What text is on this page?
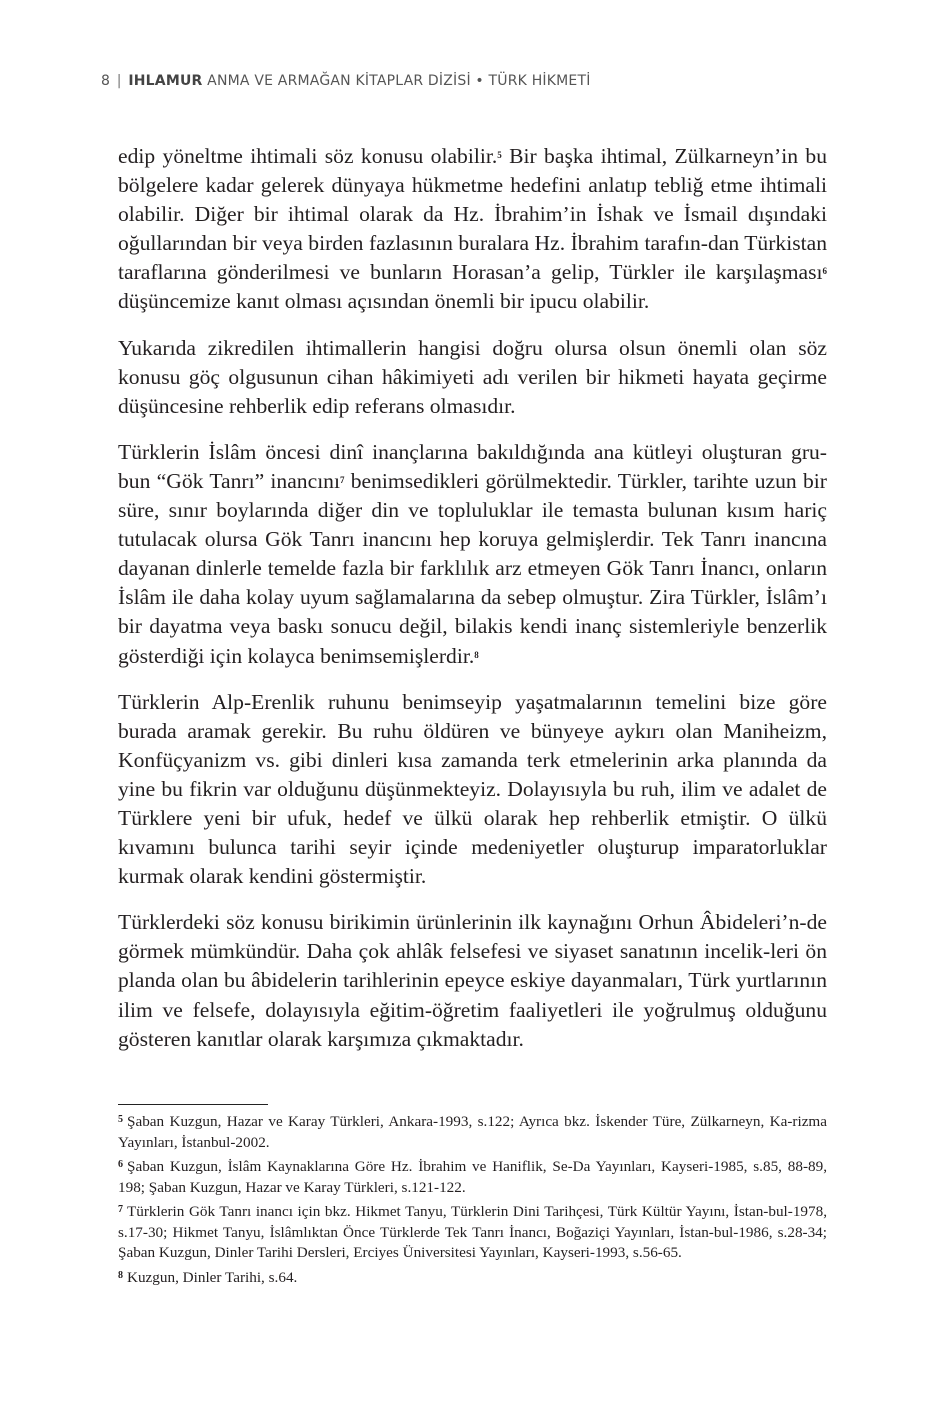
8 | IHLAMUR ANMA VE ARMAĞAN KİTAPLAR DİZİSİ • TÜRK HİKMETİ

edip yöneltme ihtimali söz konusu olabilir.$^5$ Bir başka ihtimal, Zülkarneyn’in bu bölgelere kadar gelerek dünyaya hükmetme hedefini anlatıp tebliğ etme ihtimali olabilir. Diğer bir ihtimal olarak da Hz. İbrahim’in İshak ve İsmail dışındaki oğullarından bir veya birden fazlasının buralara Hz. İbrahim tarafın-dan Türkistan taraflarına gönderilmesi ve bunların Horasan’a gelip, Türkler ile karşılaşması$^6$ düşüncemize kanıt olması açısından önemli bir ipucu olabilir.

Yukarıda zikredilen ihtimallerin hangisi doğru olursa olsun önemli olan söz konusu göç olgusunun cihan hâkimiyeti adı verilen bir hikmeti hayata geçirme düşüncesine rehberlik edip referans olmasıdır.

Türklerin İslâm öncesi dinî inançlarına bakıldığında ana kütleyi oluşturan gru-bun “Gök Tanrı” inancını$^7$ benimsedikleri görülmektedir. Türkler, tarihte uzun bir süre, sınır boylarında diğer din ve topluluklar ile temasta bulunan kısım hariç tutulacak olursa Gök Tanrı inancını hep koruya gelmişlerdir. Tek Tanrı inancına dayanan dinlerle temelde fazla bir farklılık arz etmeyen Gök Tanrı İnancı, onların İslâm ile daha kolay uyum sağlamalarına da sebep olmuştur. Zira Türkler, İslâm’ı bir dayatma veya baskı sonucu değil, bilakis kendi inanç sistemleriyle benzerlik gösterdiği için kolayca benimsemişlerdir.$^8$

Türklerin Alp-Erenlik ruhunu benimseyip yaşatmalarının temelini bize göre burada aramak gerekir. Bu ruhu öldüren ve bünyeye aykırı olan Maniheizm, Konfüçyanizm vs. gibi dinleri kısa zamanda terk etmelerinin arka planında da yine bu fikrin var olduğunu düşünmekteyiz. Dolayısıyla bu ruh, ilim ve adalet de Türklere yeni bir ufuk, hedef ve ülkü olarak hep rehberlik etmiştir. O ülkü kıvamını bulunca tarihi seyir içinde medeniyetler oluşturup imparatorluklar kurmak olarak kendini göstermiştir.

Türklerdeki söz konusu birikimin ürünlerinin ilk kaynağını Orhun Âbideleri’n-de görmek mümkündür. Daha çok ahlâk felsefesi ve siyaset sanatının incelik-leri ön planda olan bu âbidelerin tarihlerinin epeyce eskiye dayanmaları, Türk yurtlarının ilim ve felsefe, dolayısıyla eğitim-öğretim faaliyetleri ile yoğrulmuş olduğunu gösteren kanıtlar olarak karşımıza çıkmaktadır.

$^5$ Şaban Kuzgun, Hazar ve Karay Türkleri, Ankara-1993, s.122; Ayrıca bkz. İskender Türe, Zülkarneyn, Ka-rizma Yayınları, İstanbul-2002.
$^6$ Şaban Kuzgun, İslâm Kaynaklarına Göre Hz. İbrahim ve Haniflik, Se-Da Yayınları, Kayseri-1985, s.85, 88-89, 198; Şaban Kuzgun, Hazar ve Karay Türkleri, s.121-122.
$^7$ Türklerin Gök Tanrı inancı için bkz. Hikmet Tanyu, Türklerin Dini Tarihçesi, Türk Kültür Yayını, İstan-bul-1978, s.17-30; Hikmet Tanyu, İslâmlıktan Önce Türklerde Tek Tanrı İnancı, Boğaziçi Yayınları, İstan-bul-1986, s.28-34; Şaban Kuzgun, Dinler Tarihi Dersleri, Erciyes Üniversitesi Yayınları, Kayseri-1993, s.56-65.
$^8$ Kuzgun, Dinler Tarihi, s.64.
